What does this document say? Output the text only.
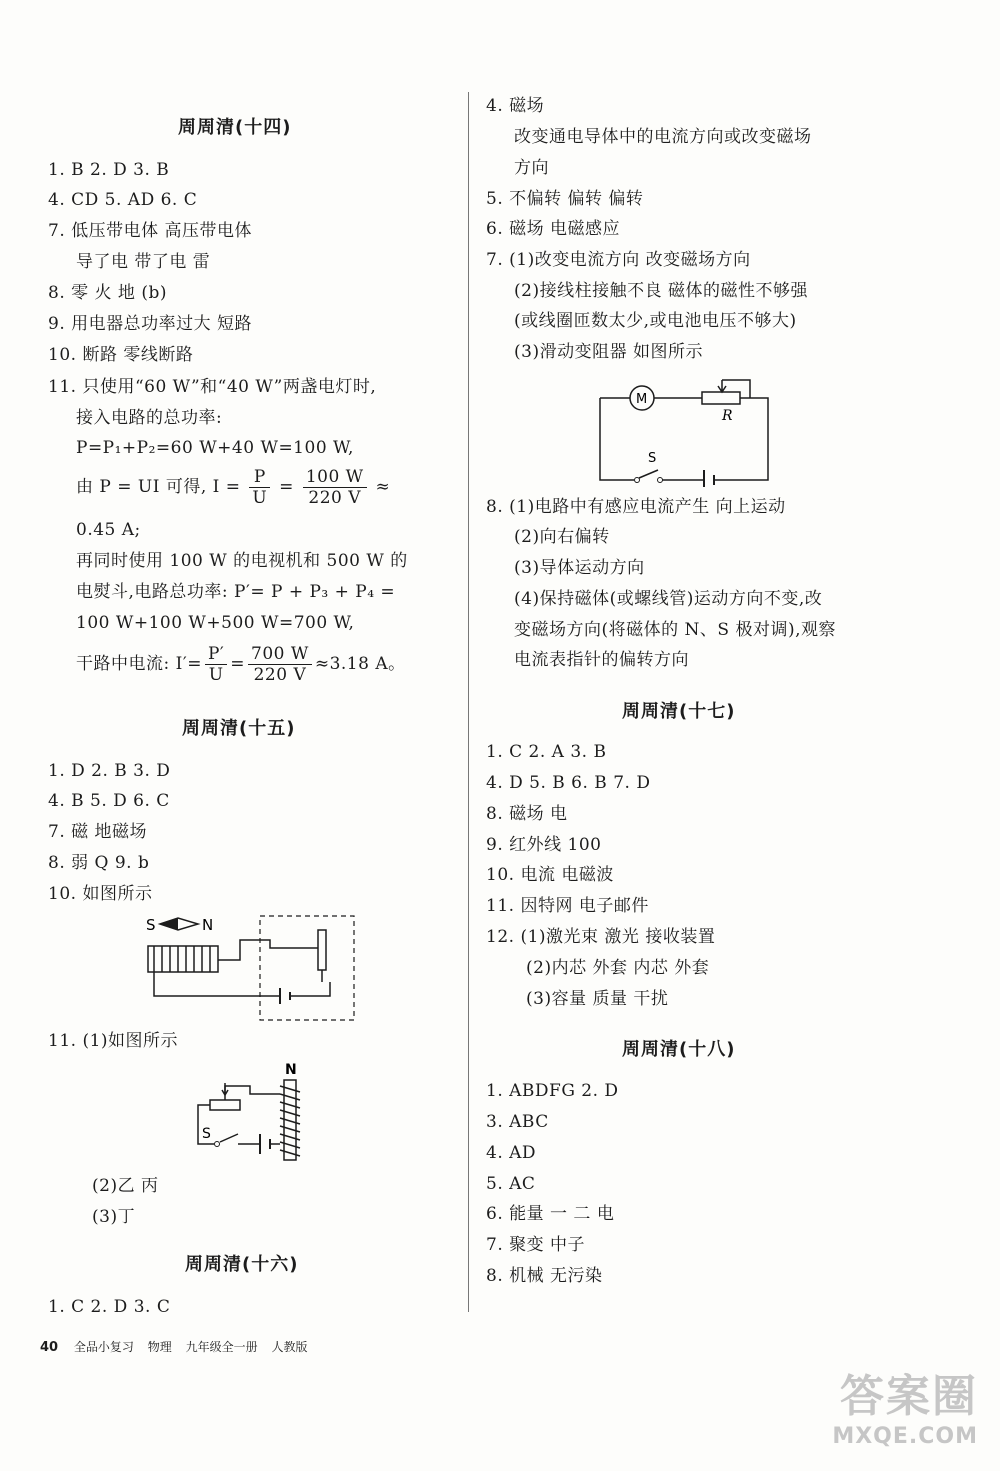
周周清(十四)
1. B 2. D 3. B
4. CD 5. AD 6. C
7. 低压带电体 高压带电体
导了电 带了电 雷
8. 零 火 地 (b)
9. 用电器总功率过大 短路
10. 断路 零线断路
11. 只使用“60 W”和“40 W”两盏电灯时,
接入电路的总功率:
P=P₁+P₂=60 W+40 W=100 W,
由 P = UI 可得, $I = \frac{P}{U} = \frac{100 W}{220 V}$ ≈
0.45 A;
再同时使用 100 W 的电视机和 500 W 的
电熨斗,电路总功率: P′= P + P₃ + P₄ =
100 W+100 W+500 W=700 W,
干路中电流: $I'= \frac{P'}{U} = \frac{700 W}{220 V} \approx 3.18$ A。
周周清(十五)
1. D 2. B 3. D
4. B 5. D 6. C
7. 磁 地磁场
8. 弱 Q 9. b
10. 如图所示
S	N
11. (1)如图所示
N
S
(2)乙 丙
(3)丁
周周清(十六)
1. C 2. D 3. C
4. 磁场
改变通电导体中的电流方向或改变磁场
方向
5. 不偏转 偏转 偏转
6. 磁场 电磁感应
7. (1)改变电流方向 改变磁场方向
(2)接线柱接触不良 磁体的磁性不够强
(或线圈匝数太少,或电池电压不够大)
(3)滑动变阻器 如图所示
M
R
S
8. (1)电路中有感应电流产生 向上运动
(2)向右偏转
(3)导体运动方向
(4)保持磁体(或螺线管)运动方向不变,改
变磁场方向(将磁体的 N、S 极对调),观察
电流表指针的偏转方向
周周清(十七)
1. C 2. A 3. B
4. D 5. B 6. B 7. D
8. 磁场 电
9. 红外线 100
10. 电流 电磁波
11. 因特网 电子邮件
12. (1)激光束 激光 接收装置
(2)内芯 外套 内芯 外套
(3)容量 质量 干扰
周周清(十八)
1. ABDFG 2. D
3. ABC
4. AD
5. AC
6. 能量 一 二 电
7. 聚变 中子
8. 机械 无污染
40 全品小复习 物理 九年级全一册 人教版
答案圈
MXQE.COM
